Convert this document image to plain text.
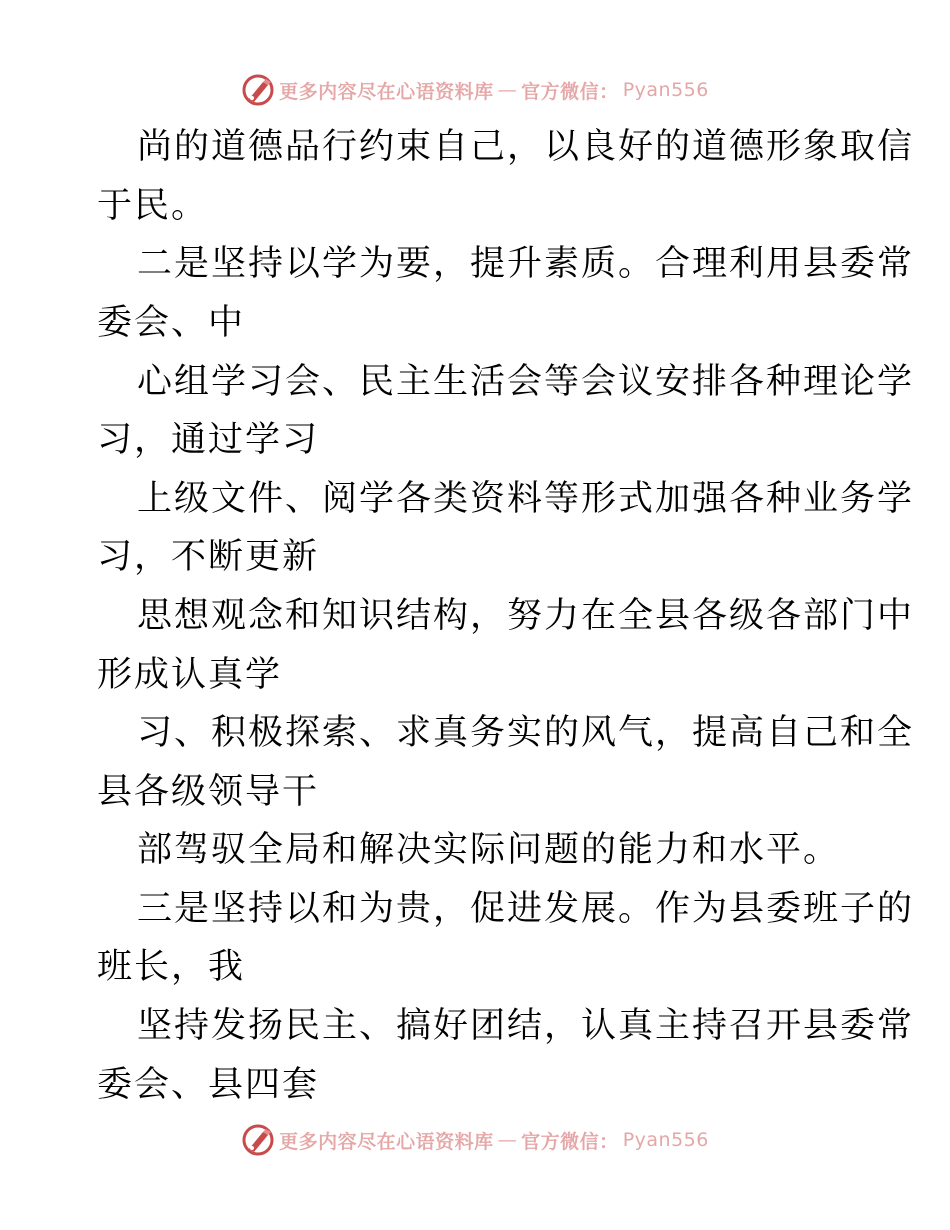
更多内容尽在心语资料库 — 官方微信： Pyan556
尚的道德品行约束自己，以良好的道德形象取信
于民。
二是坚持以学为要，提升素质。合理利用县委常
委会、中
心组学习会、民主生活会等会议安排各种理论学
习，通过学习
上级文件、阅学各类资料等形式加强各种业务学
习，不断更新
思想观念和知识结构，努力在全县各级各部门中
形成认真学
习、积极探索、求真务实的风气，提高自己和全
县各级领导干
部驾驭全局和解决实际问题的能力和水平。
三是坚持以和为贵，促进发展。作为县委班子的
班长，我
坚持发扬民主、搞好团结，认真主持召开县委常
委会、县四套
更多内容尽在心语资料库 — 官方微信： Pyan556
